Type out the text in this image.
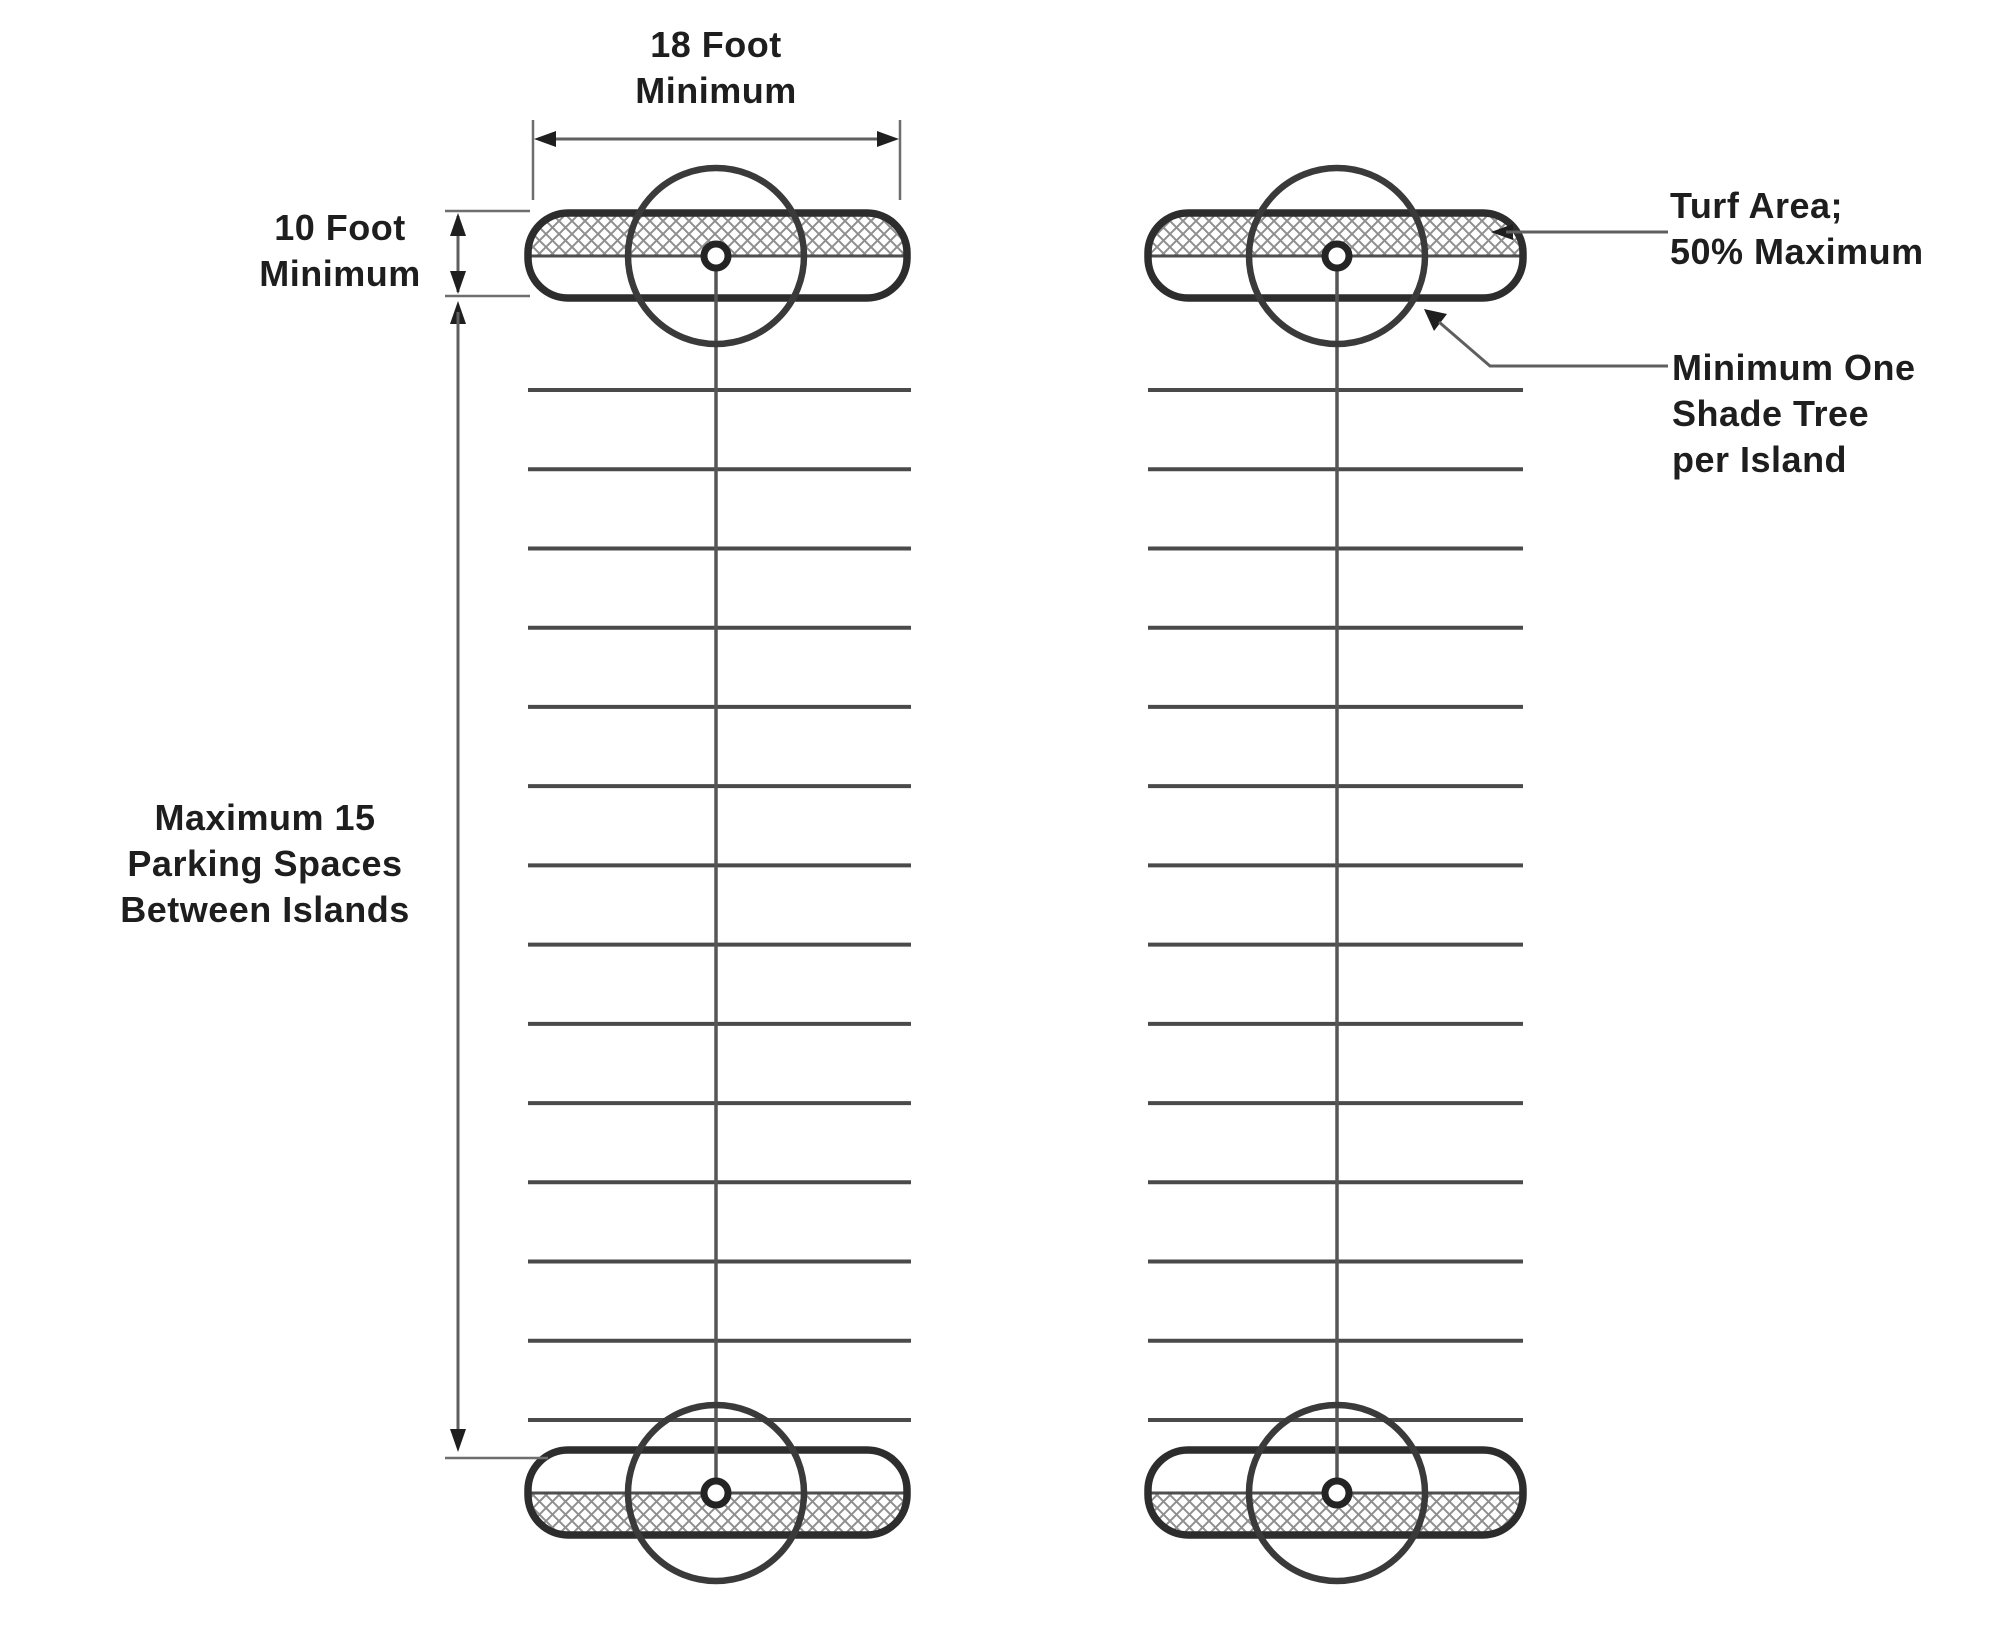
18 Foot
Minimum
10 Foot
Minimum
Maximum 15
Parking Spaces
Between Islands
Turf Area;
50% Maximum
Minimum One
Shade Tree
per Island
